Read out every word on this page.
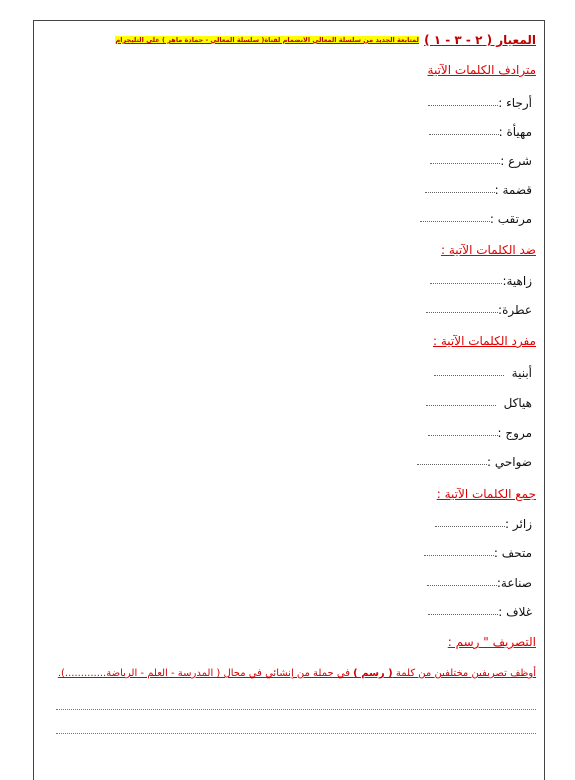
المعيار ( ٢ - ٣ - ١ ) لمتابعة الجديد من سلسلة المعالي الانضمام لقناة( سلسلة المعالي - حمادة ماهر ) على التليجرام
مترادف الكلمات الآتية
أرجاء :
مهيأة :
شرع :
قضمة :
مرتقب :
ضد الكلمات الآتية :
زاهية:
عطرة:
مفرد الكلمات الآتية :
أبنية
هياكل
مروج :
ضواحي :
جمع الكلمات الآتية :
زائر :
متحف :
صناعة:
غلاف :
التصريف " رسم :
أوظف تصريفين مختلفين من كلمة ( رسم ) في جملة من إنشائي في مجال ( المدرسة - العلم - الرياضة.............).
